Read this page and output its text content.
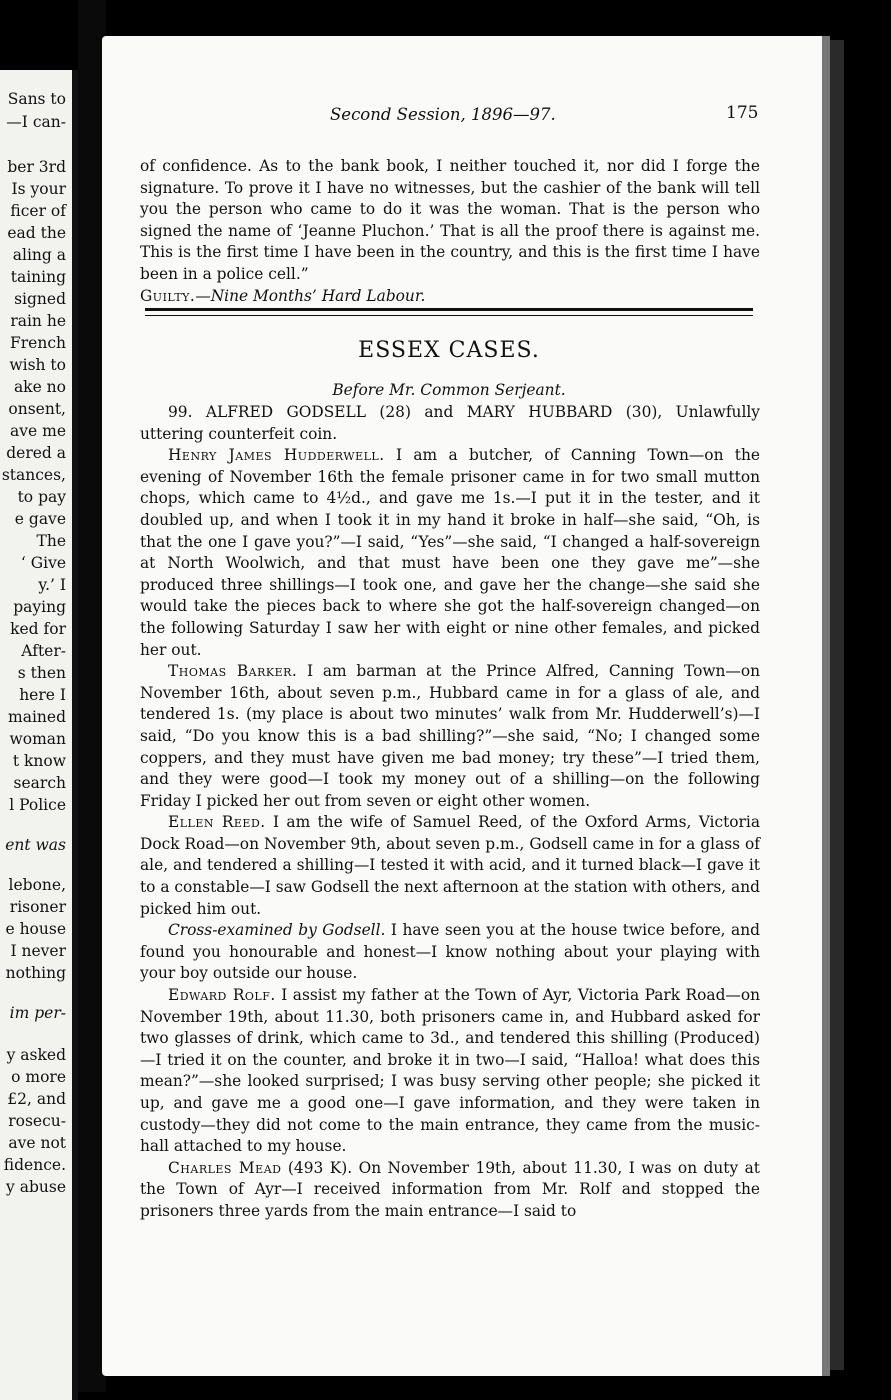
Sans to
—I can-
ber 3rd
Is your
ficer of
ead the
aling a
taining
signed
rain he
French
wish to
ake no
onsent,
ave me
dered a
stances,
to pay
e gave
The
‘ Give
y.’ I
paying
ked for
After-
s then
here I
mained
woman
t know
search
l Police
ent was
lebone,
risoner
e house
I never
nothing
im per-
y asked
o more
£2, and
rosecu-
ave not
fidence.
y abuse
Second Session, 1896—97.	175

of confidence. As to the bank book, I neither touched it, nor did I forge the signature. To prove it I have no witnesses, but the cashier of the bank will tell you the person who came to do it was the woman. That is the person who signed the name of ‘Jeanne Pluchon.’ That is all the proof there is against me. This is the first time I have been in the country, and this is the first time I have been in a police cell.”

Guilty.—Nine Months’ Hard Labour.

ESSEX CASES.
Before Mr. Common Serjeant.

99. ALFRED GODSELL (28) and MARY HUBBARD (30), Unlawfully uttering counterfeit coin.

Henry James Hudderwell. I am a butcher, of Canning Town—on the evening of November 16th the female prisoner came in for two small mutton chops, which came to 4½d., and gave me 1s.—I put it in the tester, and it doubled up, and when I took it in my hand it broke in half—she said, “Oh, is that the one I gave you?”—I said, “Yes”—she said, “I changed a half-sovereign at North Woolwich, and that must have been one they gave me”—she produced three shillings—I took one, and gave her the change—she said she would take the pieces back to where she got the half-sovereign changed—on the following Saturday I saw her with eight or nine other females, and picked her out.

Thomas Barker. I am barman at the Prince Alfred, Canning Town—on November 16th, about seven p.m., Hubbard came in for a glass of ale, and tendered 1s. (my place is about two minutes’ walk from Mr. Hudderwell’s)—I said, “Do you know this is a bad shilling?”—she said, “No; I changed some coppers, and they must have given me bad money; try these”—I tried them, and they were good—I took my money out of a shilling—on the following Friday I picked her out from seven or eight other women.

Ellen Reed. I am the wife of Samuel Reed, of the Oxford Arms, Victoria Dock Road—on November 9th, about seven p.m., Godsell came in for a glass of ale, and tendered a shilling—I tested it with acid, and it turned black—I gave it to a constable—I saw Godsell the next afternoon at the station with others, and picked him out.

Cross-examined by Godsell. I have seen you at the house twice before, and found you honourable and honest—I know nothing about your playing with your boy outside our house.

Edward Rolf. I assist my father at the Town of Ayr, Victoria Park Road—on November 19th, about 11.30, both prisoners came in, and Hubbard asked for two glasses of drink, which came to 3d., and tendered this shilling (Produced)—I tried it on the counter, and broke it in two—I said, “Halloa! what does this mean?”—she looked surprised; I was busy serving other people; she picked it up, and gave me a good one—I gave information, and they were taken in custody—they did not come to the main entrance, they came from the music-hall attached to my house.

Charles Mead (493 K). On November 19th, about 11.30, I was on duty at the Town of Ayr—I received information from Mr. Rolf and stopped the prisoners three yards from the main entrance—I said to
